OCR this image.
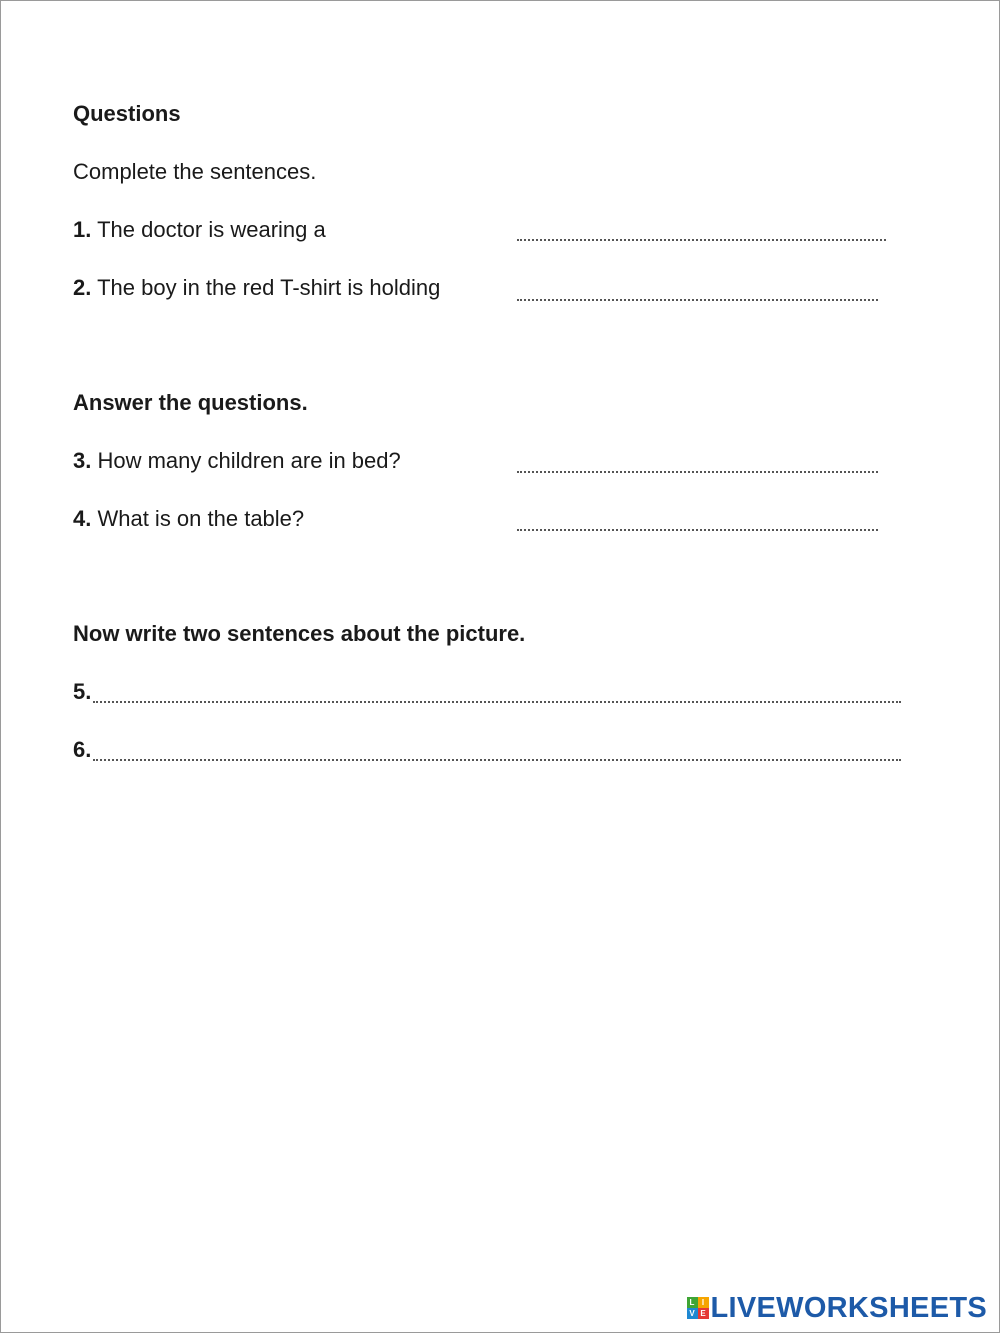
Questions
Complete the sentences.
1. The doctor is wearing a
2. The boy in the red T-shirt is holding
Answer the questions.
3. How many children are in bed?
4. What is on the table?
Now write two sentences about the picture.
5.
6.
L I
V E LIVEWORKSHEETS
